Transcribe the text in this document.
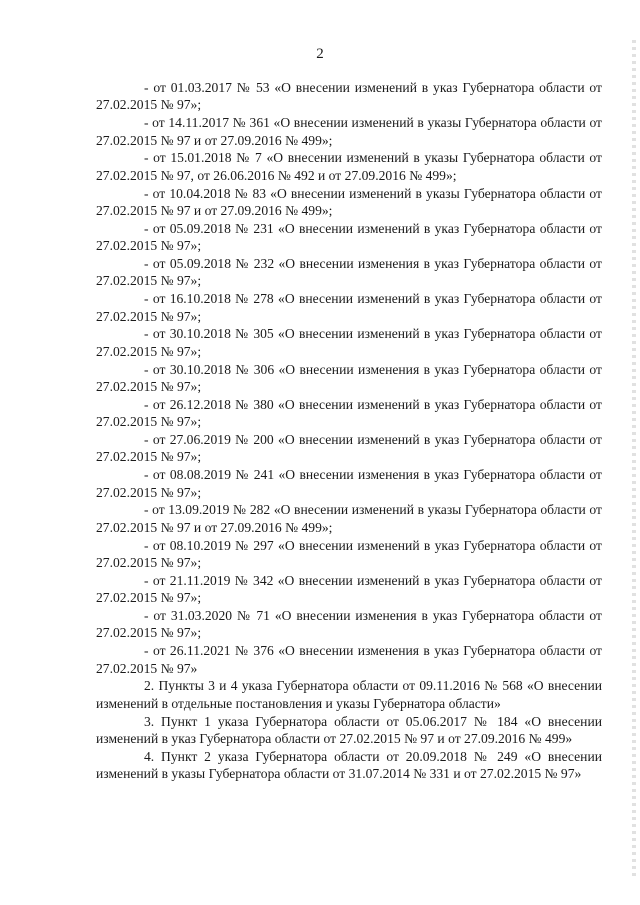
2

- от 01.03.2017 № 53 «О внесении изменений в указ Губернатора области от 27.02.2015 № 97»;

- от 14.11.2017 № 361 «О внесении изменений в указы Губернатора области от 27.02.2015 № 97 и от 27.09.2016 № 499»;

- от 15.01.2018 № 7 «О внесении изменений в указы Губернатора области от 27.02.2015 № 97, от 26.06.2016 № 492 и от 27.09.2016 № 499»;

- от 10.04.2018 № 83 «О внесении изменений в указы Губернатора области от 27.02.2015 № 97 и от 27.09.2016 № 499»;

- от 05.09.2018 № 231 «О внесении изменений в указ Губернатора области от 27.02.2015 № 97»;

- от 05.09.2018 № 232 «О внесении изменения в указ Губернатора области от 27.02.2015 № 97»;

- от 16.10.2018 № 278 «О внесении изменений в указ Губернатора области от 27.02.2015 № 97»;

- от 30.10.2018 № 305 «О внесении изменений в указ Губернатора области от 27.02.2015 № 97»;

- от 30.10.2018 № 306 «О внесении изменения в указ Губернатора области от 27.02.2015 № 97»;

- от 26.12.2018 № 380 «О внесении изменений в указ Губернатора области от 27.02.2015 № 97»;

- от 27.06.2019 № 200 «О внесении изменений в указ Губернатора области от 27.02.2015 № 97»;

- от 08.08.2019 № 241 «О внесении изменения в указ Губернатора области от 27.02.2015 № 97»;

- от 13.09.2019 № 282 «О внесении изменений в указы Губернатора области от 27.02.2015 № 97 и от 27.09.2016 № 499»;

- от 08.10.2019 № 297 «О внесении изменений в указ Губернатора области от 27.02.2015 № 97»;

- от 21.11.2019 № 342 «О внесении изменений в указ Губернатора области от 27.02.2015 № 97»;

- от 31.03.2020 № 71 «О внесении изменения в указ Губернатора области от 27.02.2015 № 97»;

- от 26.11.2021 № 376 «О внесении изменения в указ Губернатора области от 27.02.2015 № 97»

2. Пункты 3 и 4 указа Губернатора области от 09.11.2016 № 568 «О внесении изменений в отдельные постановления и указы Губернатора области»

3. Пункт 1 указа Губернатора области от 05.06.2017 № 184 «О внесении изменений в указ Губернатора области от 27.02.2015 № 97 и от 27.09.2016 № 499»

4. Пункт 2 указа Губернатора области от 20.09.2018 № 249 «О внесении изменений в указы Губернатора области от 31.07.2014 № 331 и от 27.02.2015 № 97»
